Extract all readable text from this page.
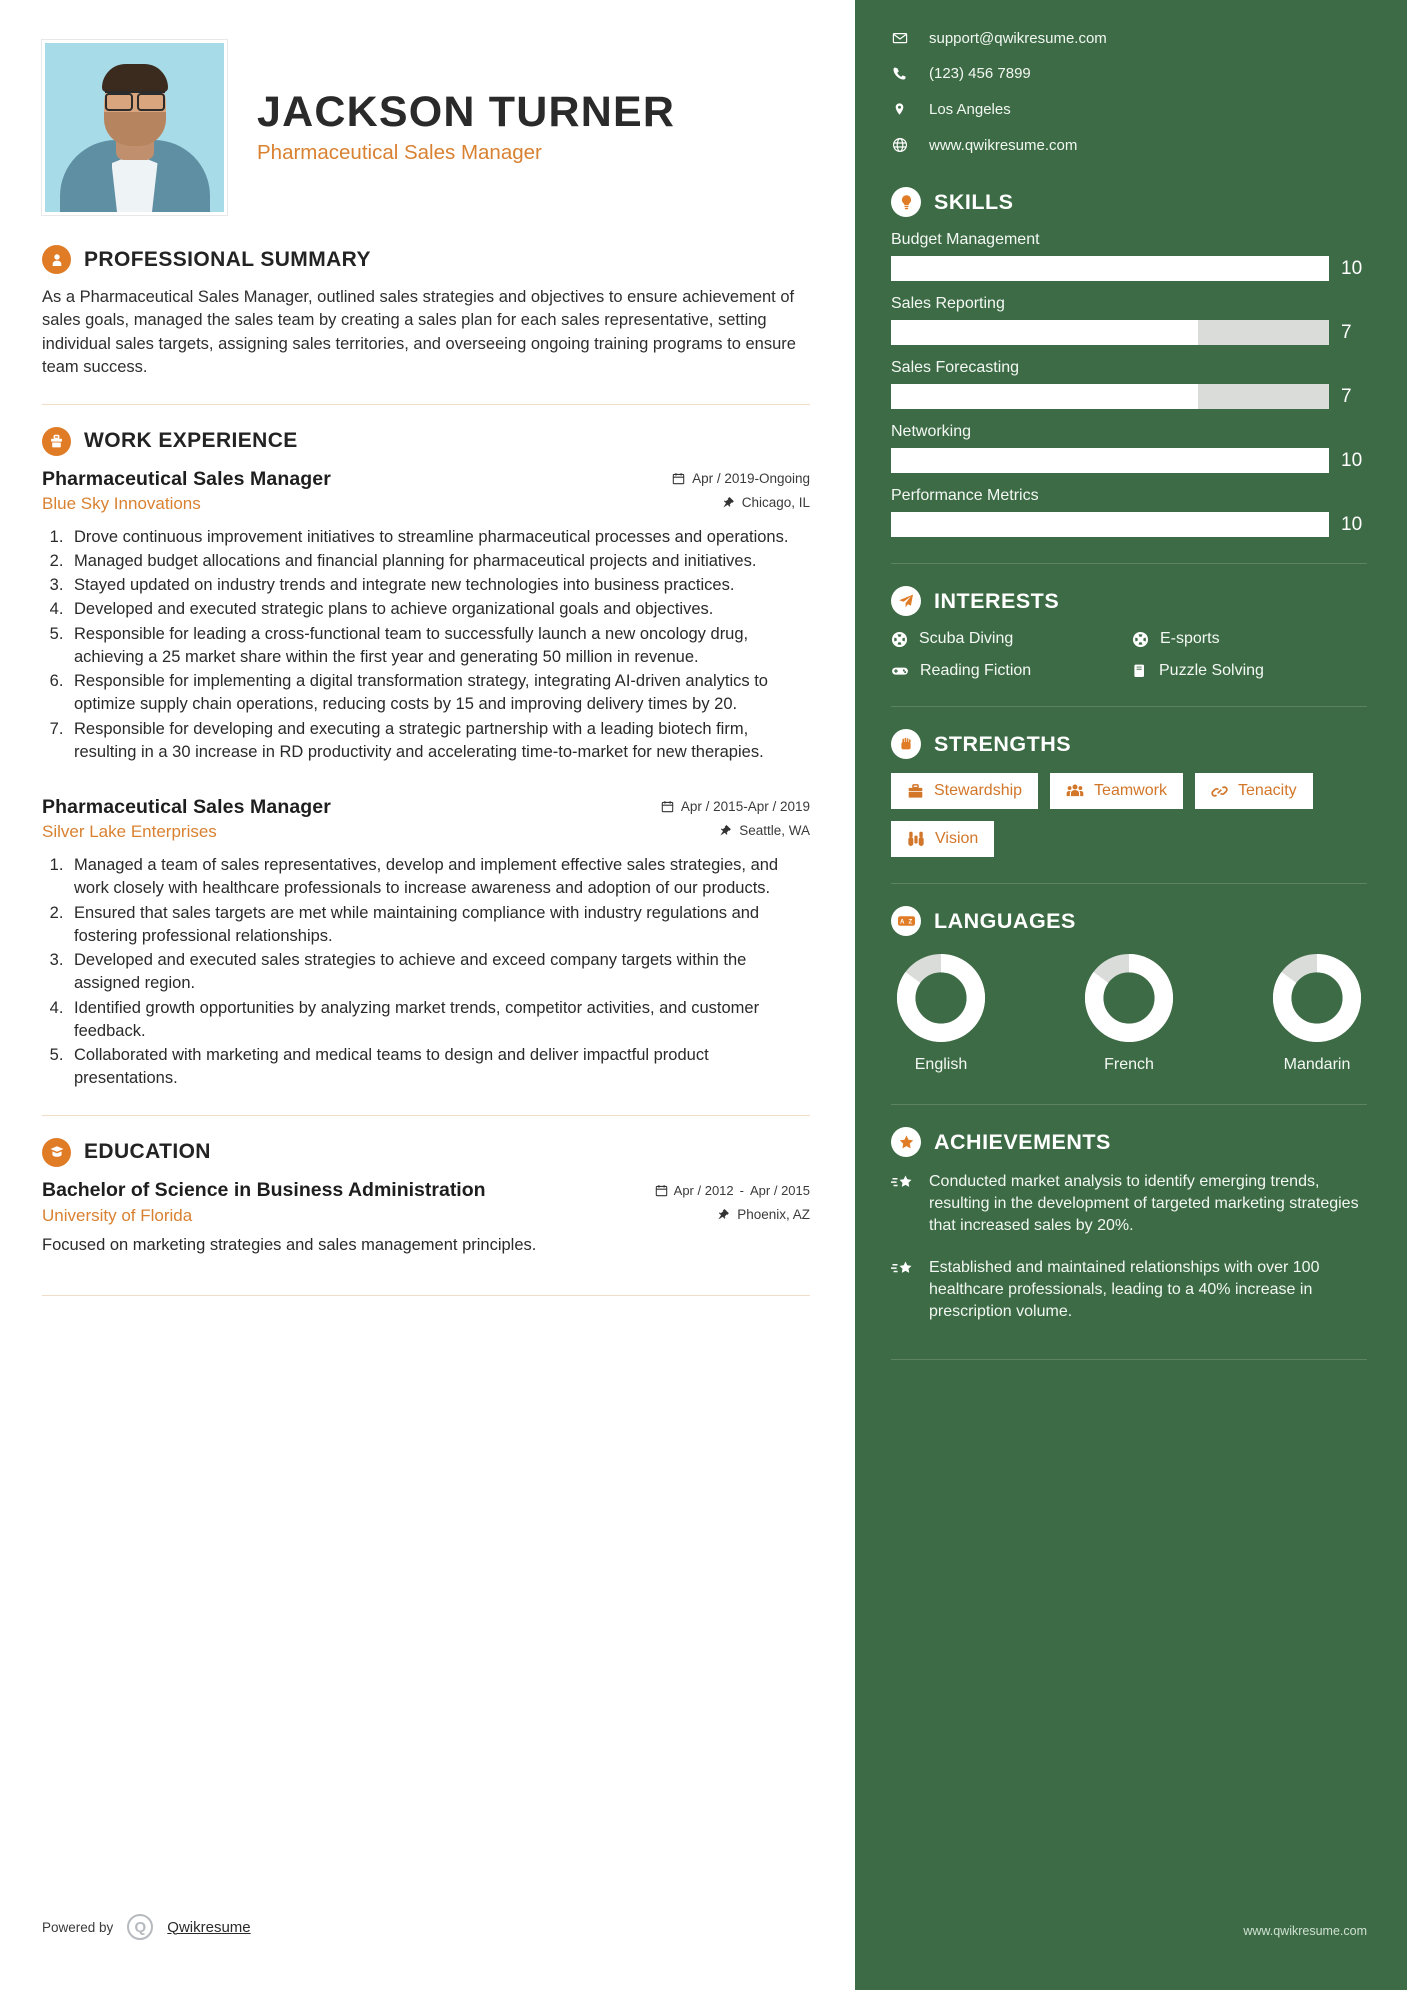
JACKSON TURNER
Pharmaceutical Sales Manager
PROFESSIONAL SUMMARY
As a Pharmaceutical Sales Manager, outlined sales strategies and objectives to ensure achievement of sales goals, managed the sales team by creating a sales plan for each sales representative, setting individual sales targets, assigning sales territories, and overseeing ongoing training programs to ensure team success.
WORK EXPERIENCE
Pharmaceutical Sales Manager	Apr / 2019-Ongoing
Blue Sky Innovations	Chicago, IL
1. Drove continuous improvement initiatives to streamline pharmaceutical processes and operations.
2. Managed budget allocations and financial planning for pharmaceutical projects and initiatives.
3. Stayed updated on industry trends and integrate new technologies into business practices.
4. Developed and executed strategic plans to achieve organizational goals and objectives.
5. Responsible for leading a cross-functional team to successfully launch a new oncology drug, achieving a 25 market share within the first year and generating 50 million in revenue.
6. Responsible for implementing a digital transformation strategy, integrating AI-driven analytics to optimize supply chain operations, reducing costs by 15 and improving delivery times by 20.
7. Responsible for developing and executing a strategic partnership with a leading biotech firm, resulting in a 30 increase in RD productivity and accelerating time-to-market for new therapies.
Pharmaceutical Sales Manager	Apr / 2015-Apr / 2019
Silver Lake Enterprises	Seattle, WA
1. Managed a team of sales representatives, develop and implement effective sales strategies, and work closely with healthcare professionals to increase awareness and adoption of our products.
2. Ensured that sales targets are met while maintaining compliance with industry regulations and fostering professional relationships.
3. Developed and executed sales strategies to achieve and exceed company targets within the assigned region.
4. Identified growth opportunities by analyzing market trends, competitor activities, and customer feedback.
5. Collaborated with marketing and medical teams to design and deliver impactful product presentations.
EDUCATION
Bachelor of Science in Business Administration	Apr / 2012 - Apr / 2015
University of Florida	Phoenix, AZ
Focused on marketing strategies and sales management principles.
Powered by	Q	Qwikresume
support@qwikresume.com
(123) 456 7899
Los Angeles
www.qwikresume.com
SKILLS
Budget Management
10
Sales Reporting
7
Sales Forecasting
7
Networking
10
Performance Metrics
10
INTERESTS
Scuba Diving	E-sports
Reading Fiction	Puzzle Solving
STRENGTHS
Stewardship	Teamwork	Tenacity
Vision
A Z LANGUAGES
English	French	Mandarin
ACHIEVEMENTS
Conducted market analysis to identify emerging trends, resulting in the development of targeted marketing strategies that increased sales by 20%.
Established and maintained relationships with over 100 healthcare professionals, leading to a 40% increase in prescription volume.
www.qwikresume.com
